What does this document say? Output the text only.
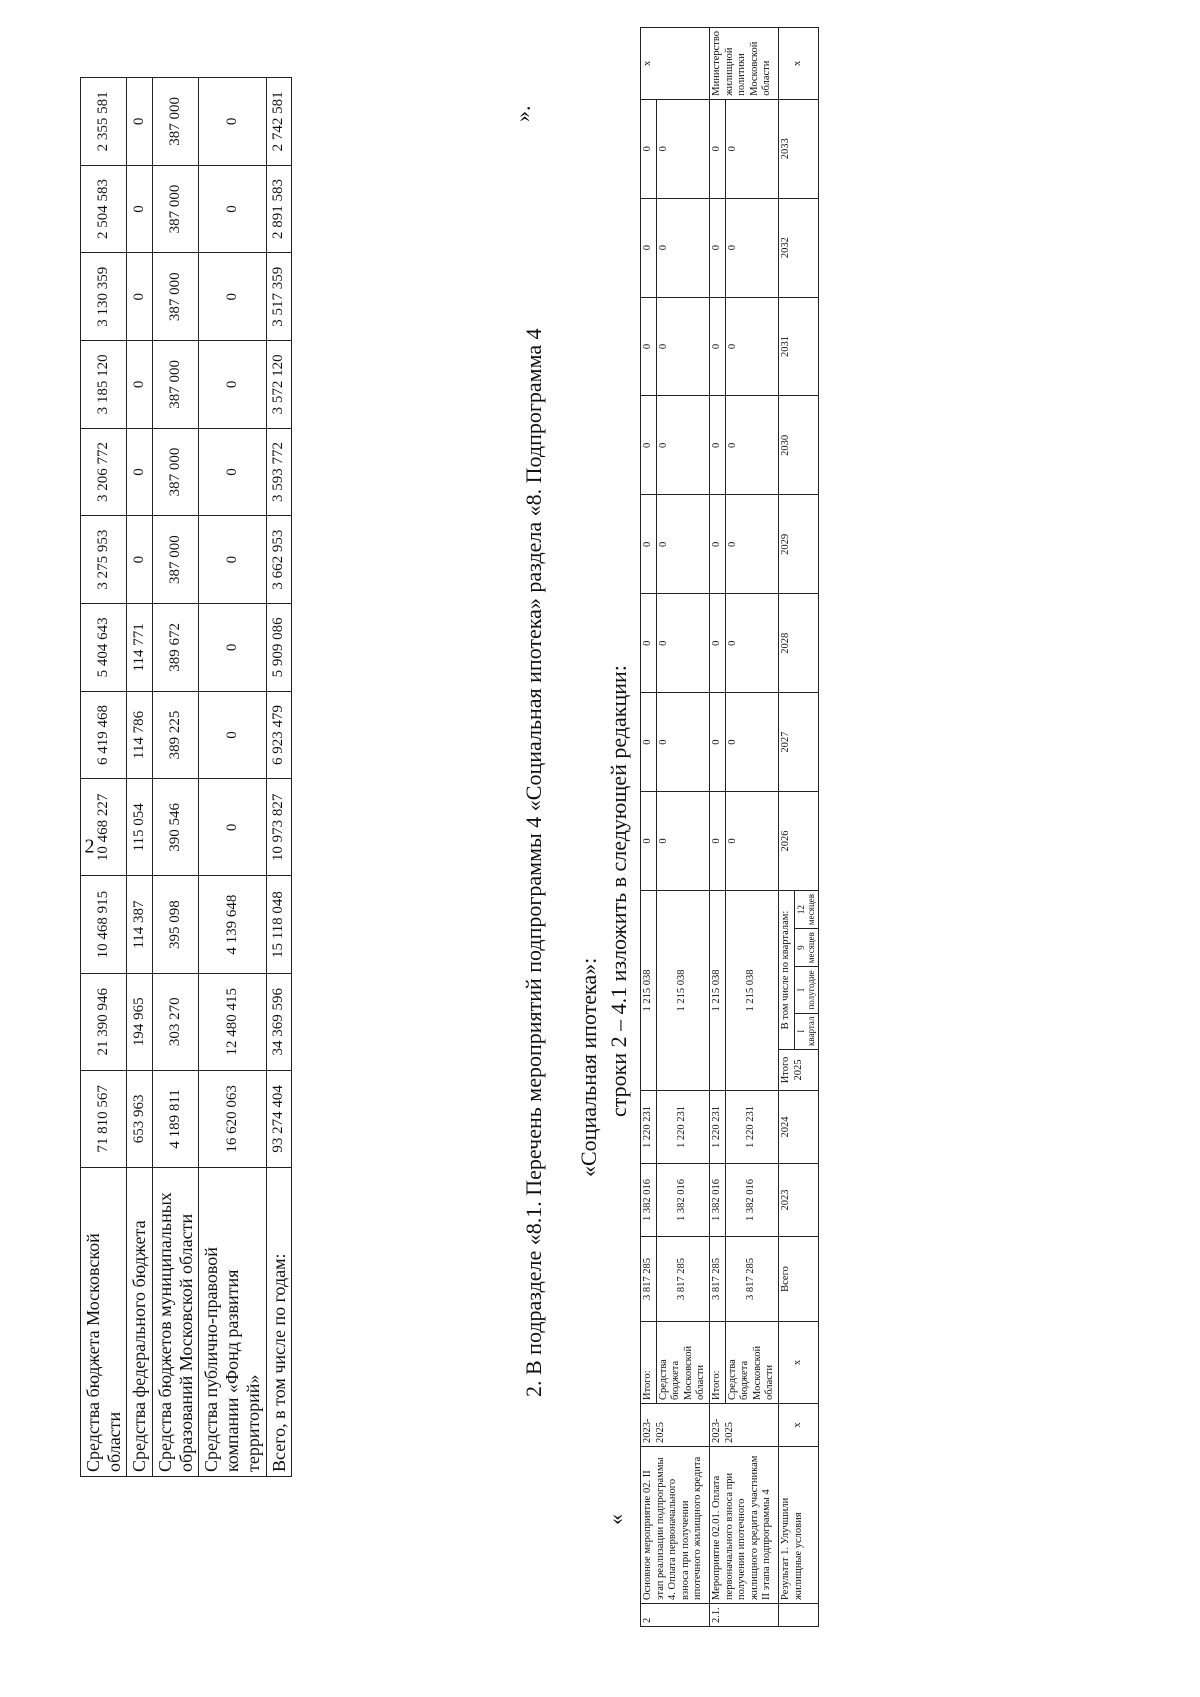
2
Средства бюджета Московской области	71 810 567	21 390 946	10 468 915	10 468 227	6 419 468	5 404 643	3 275 953	3 206 772	3 185 120	3 130 359	2 504 583	2 355 581
Средства федерального бюджета	653 963	194 965	114 387	115 054	114 786	114 771	0	0	0	0	0	0
Средства бюджетов муниципальных образований Московской области	4 189 811	303 270	395 098	390 546	389 225	389 672	387 000	387 000	387 000	387 000	387 000	387 000
Средства публично-правовой компании «Фонд развития территорий»	16 620 063	12 480 415	4 139 648	0	0	0	0	0	0	0	0	0
Всего, в том числе по годам:	93 274 404	34 369 596	15 118 048	10 973 827	6 923 479	5 909 086	3 662 953	3 593 772	3 572 120	3 517 359	2 891 583	2 742 581
2. В подразделе «8.1. Перечень мероприятий подпрограммы 4 «Социальная ипотека» раздела «8. Подпрограмма 4
».
«Социальная ипотека»: строки 2 – 4.1 изложить в следующей редакции:
«
2	Основное мероприятие 02. II этап реализации подпрограммы 4. Оплата первоначального взноса при получении ипотечного жилищного кредита	2023-2025	Итого:	3 817 285	1 382 016	1 220 231	1 215 038					0	0	0	0	0	0	0	0	x
			Средства бюджета Московской области	3 817 285	1 382 016	1 220 231	1 215 038					0	0	0	0	0	0	0	0	
2.1.	Мероприятие 02.01. Оплата первоначального взноса при получении ипотечного жилищного кредита участникам II этапа подпрограммы 4	2023-2025	Итого:	3 817 285	1 382 016	1 220 231	1 215 038					0	0	0	0	0	0	0	0	Министерство жилищной политики Московской области
			Средства бюджета Московской области	3 817 285	1 382 016	1 220 231	1 215 038					0	0	0	0	0	0	0	0	
	Результат 1. Улучшили жилищные условия	x	x	Всего	2023	2024	Итого 2025	В том числе по кварталам:				2026	2027	2028	2029	2030	2031	2032	2033	x
								I квартал	I полугодие	9 месяцев	12 месяцев									
